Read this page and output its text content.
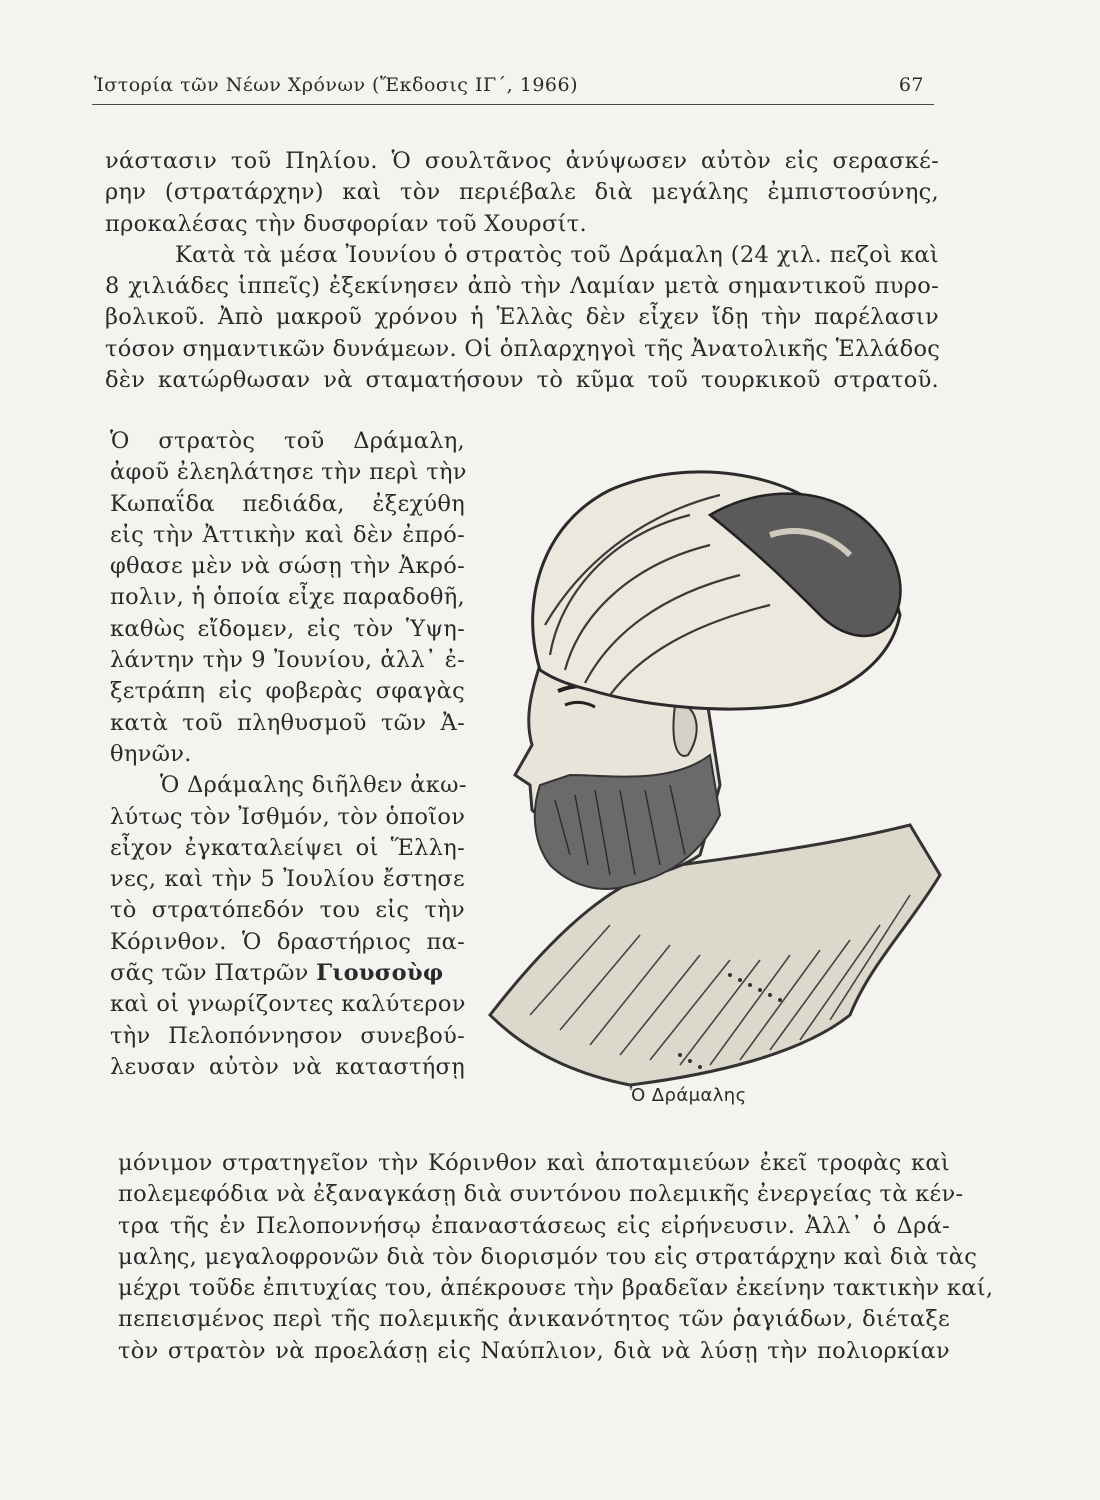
Ἱστορία τῶν Νέων Χρόνων (Ἔκδοσις ΙΓ΄, 1966)	67
νάστασιν τοῦ Πηλίου. Ὁ σουλτᾶνος ἀνύψωσεν αὐτὸν εἰς σερασκέ-
ρην (στρατάρχην) καὶ τὸν περιέβαλε διὰ μεγάλης ἐμπιστοσύνης,
προκαλέσας τὴν δυσφορίαν τοῦ Χουρσίτ.
Κατὰ τὰ μέσα Ἰουνίου ὁ στρατὸς τοῦ Δράμαλη (24 χιλ. πεζοὶ καὶ
8 χιλιάδες ἱππεῖς) ἐξεκίνησεν ἀπὸ τὴν Λαμίαν μετὰ σημαντικοῦ πυρο-
βολικοῦ. Ἀπὸ μακροῦ χρόνου ἡ Ἑλλὰς δὲν εἶχεν ἴδῃ τὴν παρέλασιν
τόσον σημαντικῶν δυνάμεων. Οἱ ὁπλαρχηγοὶ τῆς Ἀνατολικῆς Ἑλλάδος
δὲν κατώρθωσαν νὰ σταματήσουν τὸ κῦμα τοῦ τουρκικοῦ στρατοῦ.
Ὁ στρατὸς τοῦ Δράμαλη,
ἀφοῦ ἐλεηλάτησε τὴν περὶ τὴν
Κωπαΐδα πεδιάδα, ἐξεχύθη
εἰς τὴν Ἀττικὴν καὶ δὲν ἐπρό-
φθασε μὲν νὰ σώσῃ τὴν Ἀκρό-
πολιν, ἡ ὁποία εἶχε παραδοθῆ,
καθὼς εἴδομεν, εἰς τὸν Ὑψη-
λάντην τὴν 9 Ἰουνίου, ἀλλ᾽ ἐ-
ξετράπη εἰς φοβερὰς σφαγὰς
κατὰ τοῦ πληθυσμοῦ τῶν Ἀ-
θηνῶν.
Ὁ Δράμαλης διῆλθεν ἀκω-
λύτως τὸν Ἰσθμόν, τὸν ὁποῖον
εἶχον ἐγκαταλείψει οἱ Ἕλλη-
νες, καὶ τὴν 5 Ἰουλίου ἔστησε
τὸ στρατόπεδόν του εἰς τὴν
Κόρινθον. Ὁ δραστήριος πα-
σᾶς τῶν Πατρῶν Γιουσοὺφ
καὶ οἱ γνωρίζοντες καλύτερον
τὴν Πελοπόννησον συνεβού-
λευσαν αὐτὸν νὰ καταστήσῃ
Ὁ Δράμαλης
μόνιμον στρατηγεῖον τὴν Κόρινθον καὶ ἀποταμιεύων ἐκεῖ τροφὰς καὶ
πολεμεφόδια νὰ ἐξαναγκάσῃ διὰ συντόνου πολεμικῆς ἐνεργείας τὰ κέν-
τρα τῆς ἐν Πελοποννήσῳ ἐπαναστάσεως εἰς εἰρήνευσιν. Ἀλλ᾽ ὁ Δρά-
μαλης, μεγαλοφρονῶν διὰ τὸν διορισμόν του εἰς στρατάρχην καὶ διὰ τὰς
μέχρι τοῦδε ἐπιτυχίας του, ἀπέκρουσε τὴν βραδεῖαν ἐκείνην τακτικὴν καί,
πεπεισμένος περὶ τῆς πολεμικῆς ἀνικανότητος τῶν ῥαγιάδων, διέταξε
τὸν στρατὸν νὰ προελάσῃ εἰς Ναύπλιον, διὰ νὰ λύσῃ τὴν πολιορκίαν
